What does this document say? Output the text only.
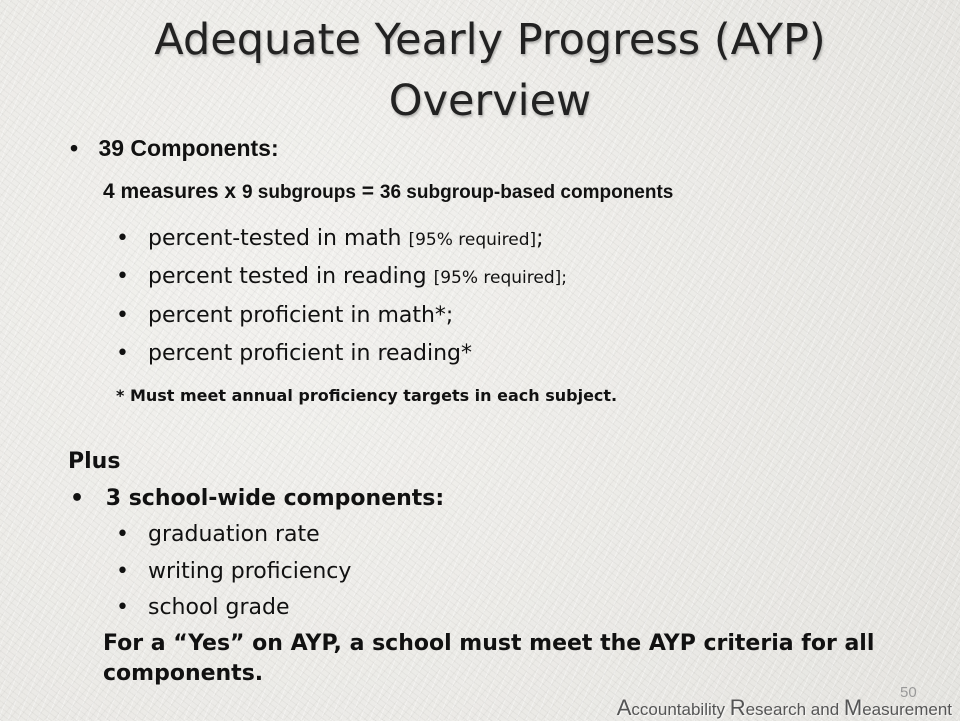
Adequate Yearly Progress (AYP) Overview
• 39 Components:
4 measures x 9 subgroups = 36 subgroup-based components
• percent-tested in math [95% required];
• percent tested in reading [95% required];
• percent proficient in math*;
• percent proficient in reading*
* Must meet annual proficiency targets in each subject.
Plus
• 3 school-wide components:
• graduation rate
• writing proficiency
• school grade
For a “Yes” on AYP, a school must meet the AYP criteria for all components.
50
Accountability Research and Measurement
